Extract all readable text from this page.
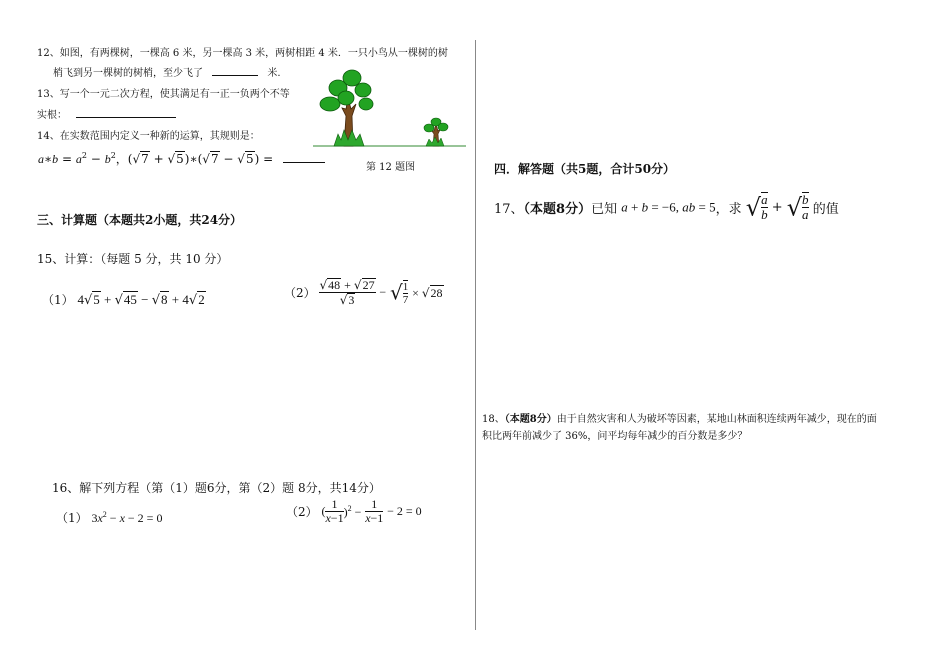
12、如图，有两棵树，一棵高 6 米，另一棵高 3 米，两树相距 4 米．一只小鸟从一棵树的树
梢飞到另一棵树的树梢，至少飞了	米.
13、写一个一元二次方程，使其满足有一正一负两个不等
实根：
14、在实数范围内定义一种新的运算，其规则是：
a∗b = $a^2 - b^2$，(√7 + √5)∗(√7 − √5) =
第 12 题图
三、计算题（本题共2小题，共24分）
15、计算：（每题 5 分，共 10 分）
（1） 4√5 + √45 − √8 + 4√2	$(2) \frac{√48 + √27}{√3}$ − √ $\frac{1}{7} \times √28$
16、解下列方程（第（1）题6分，第（2）题 8分，共14分）
（1） $3x^2 - x - 2 = 0$	（2） ( $\frac{1}{x-1} )^2 - \frac{1}{x-1} - 2 = 0$
四．解答题（共5题，合计50分）
17、（本题8分）已知 a + b = −6, ab = 5，求 √ $\frac{a}{b}$ + √ $\frac{b}{a}$ 的值
18、（本题8分）由于自然灾害和人为破坏等因素，某地山林面积连续两年减少，现在的面
积比两年前减少了 36%，问平均每年减少的百分数是多少？
